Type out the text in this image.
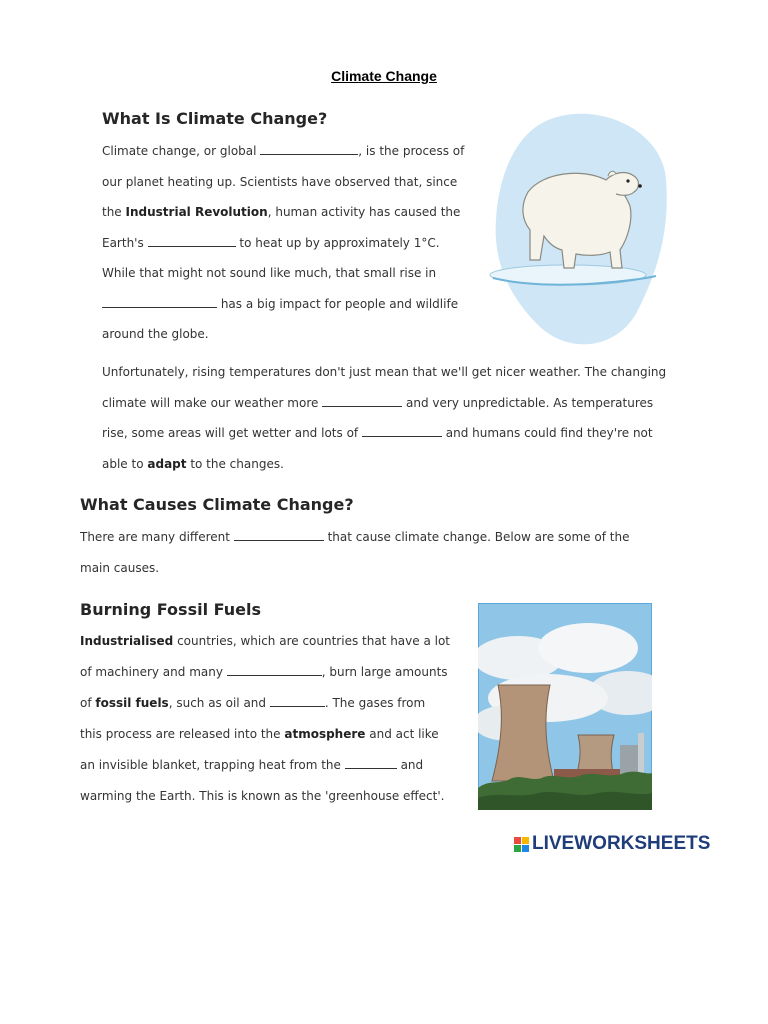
Climate Change
What Is Climate Change?
Climate change, or global	, is the process of
our planet heating up. Scientists have observed that, since
the Industrial Revolution, human activity has caused the
Earth's	to heat up by approximately 1°C.
While that might not sound like much, that small rise in
has a big impact for people and wildlife
around the globe.
Unfortunately, rising temperatures don't just mean that we'll get nicer weather. The changing
climate will make our weather more	and very unpredictable. As temperatures
rise, some areas will get wetter and lots of	and humans could find they're not
able to adapt to the changes.
What Causes Climate Change?
There are many different	that cause climate change. Below are some of the
main causes.
Burning Fossil Fuels
Industrialised countries, which are countries that have a lot
of machinery and many	, burn large amounts
of fossil fuels, such as oil and	. The gases from
this process are released into the atmosphere and act like
an invisible blanket, trapping heat from the	and
warming the Earth. This is known as the 'greenhouse effect'.
LIVEWORKSHEETS
